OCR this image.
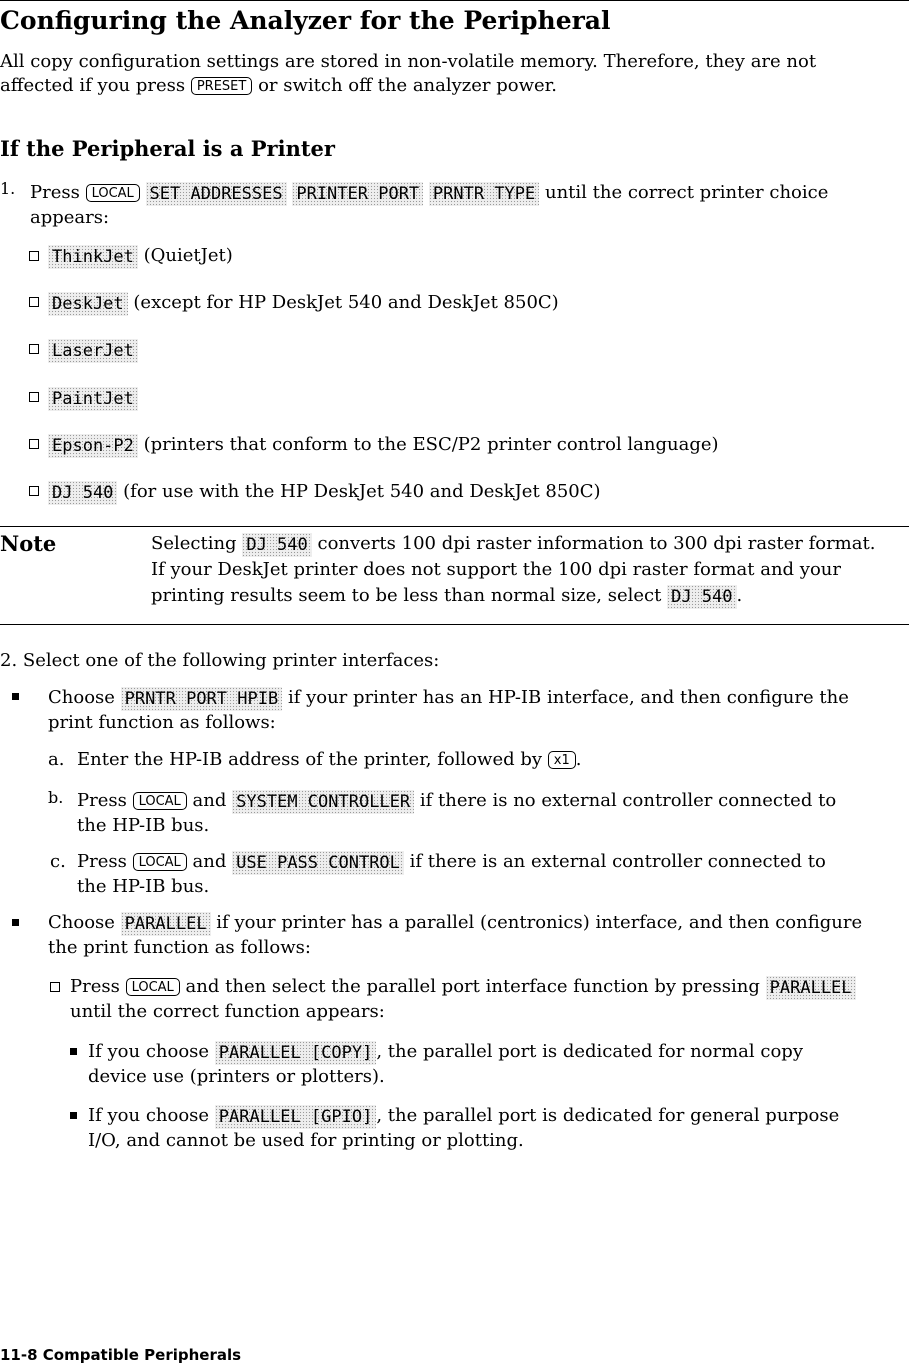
Configuring the Analyzer for the Peripheral
All copy configuration settings are stored in non-volatile memory. Therefore, they are not
affected if you press PRESET or switch off the analyzer power.
If the Peripheral is a Printer
1. Press LOCAL SET ADDRESSES PRINTER PORT PRNTR TYPE until the correct printer choice
appears:
ThinkJet (QuietJet)
DeskJet (except for HP DeskJet 540 and DeskJet 850C)
LaserJet
PaintJet
Epson-P2 (printers that conform to the ESC/P2 printer control language)
DJ 540 (for use with the HP DeskJet 540 and DeskJet 850C)
Note	Selecting DJ 540 converts 100 dpi raster information to 300 dpi raster format.
If your DeskJet printer does not support the 100 dpi raster format and your
printing results seem to be less than normal size, select DJ 540 .
2. Select one of the following printer interfaces:
Choose PRNTR PORT HPIB if your printer has an HP-IB interface, and then configure the
print function as follows:
a. Enter the HP-IB address of the printer, followed by x1 .
b. Press LOCAL and SYSTEM CONTROLLER if there is no external controller connected to
the HP-IB bus.
c. Press LOCAL and USE PASS CONTROL if there is an external controller connected to
the HP-IB bus.
Choose PARALLEL if your printer has a parallel (centronics) interface, and then configure
the print function as follows:
Press LOCAL and then select the parallel port interface function by pressing PARALLEL
until the correct function appears:
If you choose PARALLEL [COPY] , the parallel port is dedicated for normal copy
device use (printers or plotters).
If you choose PARALLEL [GPIO] , the parallel port is dedicated for general purpose
I/O, and cannot be used for printing or plotting.
11-8 Compatible Peripherals
